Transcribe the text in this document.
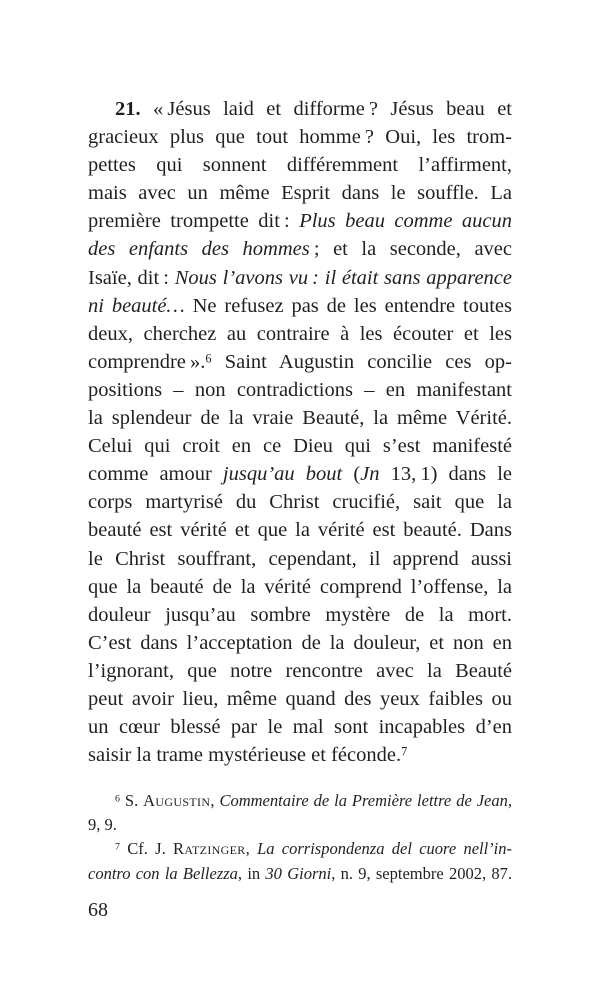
21. « Jésus laid et difforme ? Jésus beau et
gracieux plus que tout homme ? Oui, les trom-
pettes qui sonnent différemment l’affirment,
mais avec un même Esprit dans le souffle. La
première trompette dit : Plus beau comme aucun
des enfants des hommes ; et la seconde, avec
Isaïe, dit : Nous l’avons vu : il était sans apparence
ni beauté… Ne refusez pas de les entendre toutes
deux, cherchez au contraire à les écouter et les
comprendre ».$^6$ Saint Augustin concilie ces op-
positions – non contradictions – en manifestant
la splendeur de la vraie Beauté, la même Vérité.
Celui qui croit en ce Dieu qui s’est manifesté
comme amour jusqu’au bout (Jn 13, 1) dans le
corps martyrisé du Christ crucifié, sait que la
beauté est vérité et que la vérité est beauté. Dans
le Christ souffrant, cependant, il apprend aussi
que la beauté de la vérité comprend l’offense, la
douleur jusqu’au sombre mystère de la mort.
C’est dans l’acceptation de la douleur, et non en
l’ignorant, que notre rencontre avec la Beauté
peut avoir lieu, même quand des yeux faibles ou
un cœur blessé par le mal sont incapables d’en
saisir la trame mystérieuse et féconde.$^7$
$^6$ S. Augustin, Commentaire de la Première lettre de Jean,
9, 9.
$^7$ Cf. J. Ratzinger, La corrispondenza del cuore nell’in-
contro con la Bellezza, in 30 Giorni, n. 9, septembre 2002, 87.
68
